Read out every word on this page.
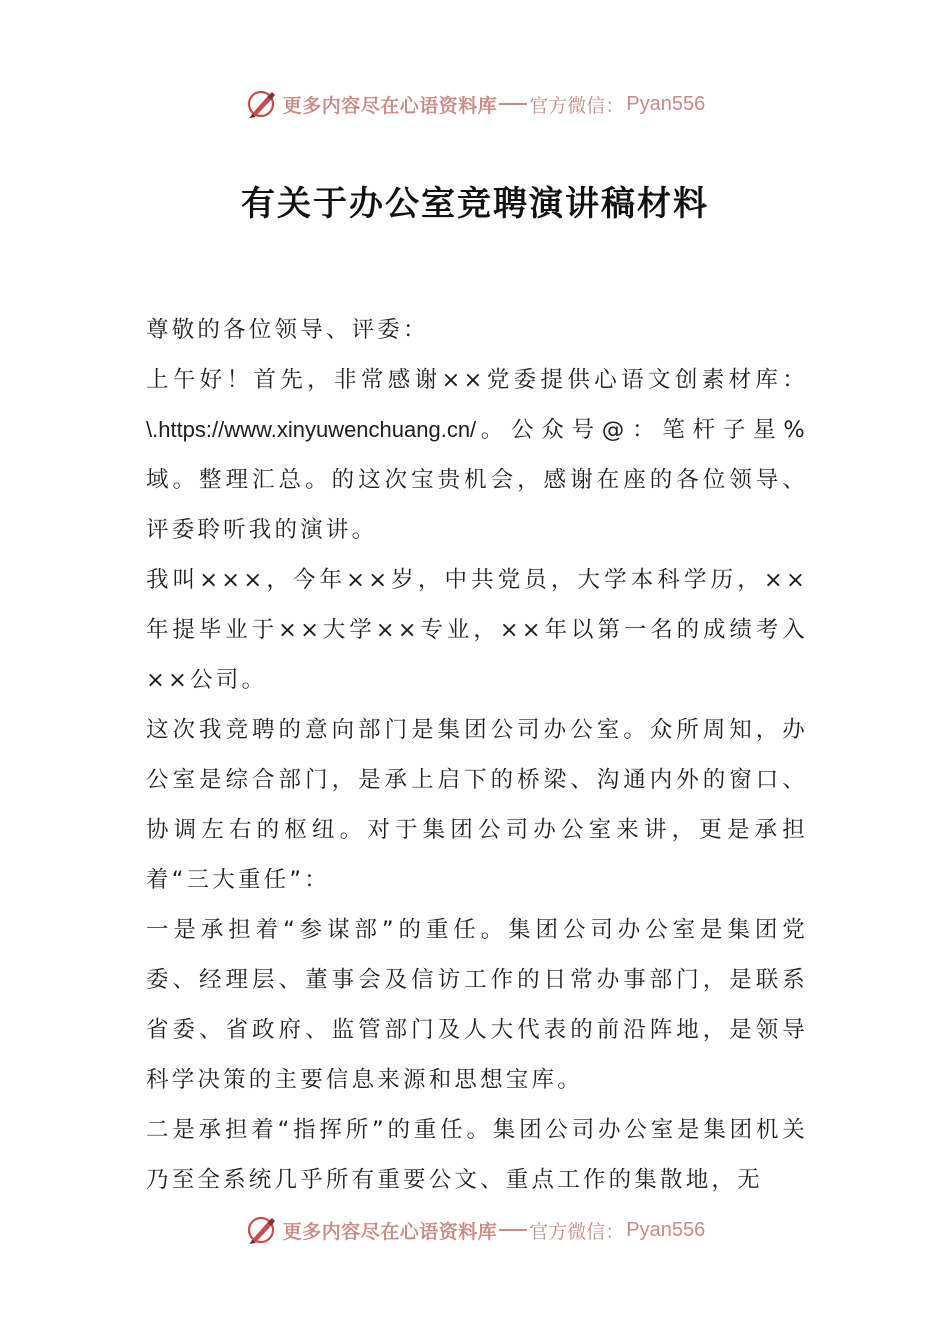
更多内容尽在心语资料库 官方微信： Pyan556
有关于办公室竞聘演讲稿材料

尊敬的各位领导、评委：

上午好！首先，非常感谢××党委提供心语文创素材库：\.https://www.xinyuwenchuang.cn/。公众号@：笔杆子星%域。整理汇总。的这次宝贵机会，感谢在座的各位领导、评委聆听我的演讲。

我叫×××，今年××岁，中共党员，大学本科学历，××年提毕业于××大学××专业，××年以第一名的成绩考入××公司。

这次我竞聘的意向部门是集团公司办公室。众所周知，办公室是综合部门，是承上启下的桥梁、沟通内外的窗口、协调左右的枢纽。对于集团公司办公室来讲，更是承担着“三大重任”：

一是承担着“参谋部”的重任。集团公司办公室是集团党委、经理层、董事会及信访工作的日常办事部门，是联系省委、省政府、监管部门及人大代表的前沿阵地，是领导科学决策的主要信息来源和思想宝库。

二是承担着“指挥所”的重任。集团公司办公室是集团机关乃至全系统几乎所有重要公文、重点工作的集散地，无

更多内容尽在心语资料库 官方微信： Pyan556
